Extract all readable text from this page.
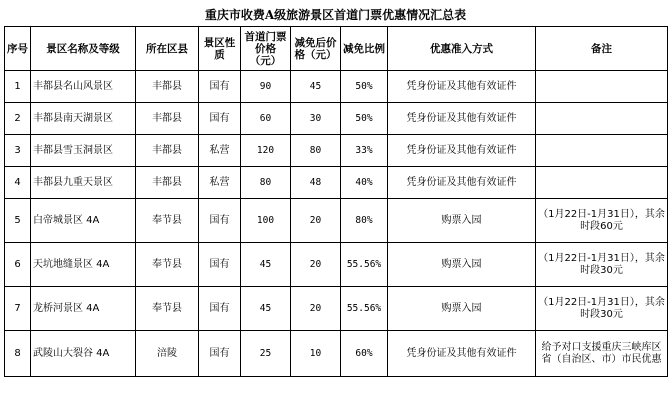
重庆市收费A级旅游景区首道门票优惠情况汇总表
序号	景区名称及等级	所在区县	景区性质	首道门票价格（元）	减免后价格（元）	减免比例	优惠准入方式	备注
1	丰都县名山风景区	丰都县	国有	90	45	50%	凭身份证及其他有效证件	
2	丰都县南天湖景区	丰都县	国有	60	30	50%	凭身份证及其他有效证件	
3	丰都县雪玉洞景区	丰都县	私营	120	80	33%	凭身份证及其他有效证件	
4	丰都县九重天景区	丰都县	私营	80	48	40%	凭身份证及其他有效证件	
5	白帝城景区 4A	奉节县	国有	100	20	80%	购票入园	（1月22日-1月31日），其余时段60元
6	天坑地缝景区 4A	奉节县	国有	45	20	55.56%	购票入园	（1月22日-1月31日），其余时段30元
7	龙桥河景区 4A	奉节县	国有	45	20	55.56%	购票入园	（1月22日-1月31日），其余时段30元
8	武陵山大裂谷 4A	涪陵	国有	25	10	60%	凭身份证及其他有效证件	给予对口支援重庆三峡库区省（自治区、市）市民优惠
